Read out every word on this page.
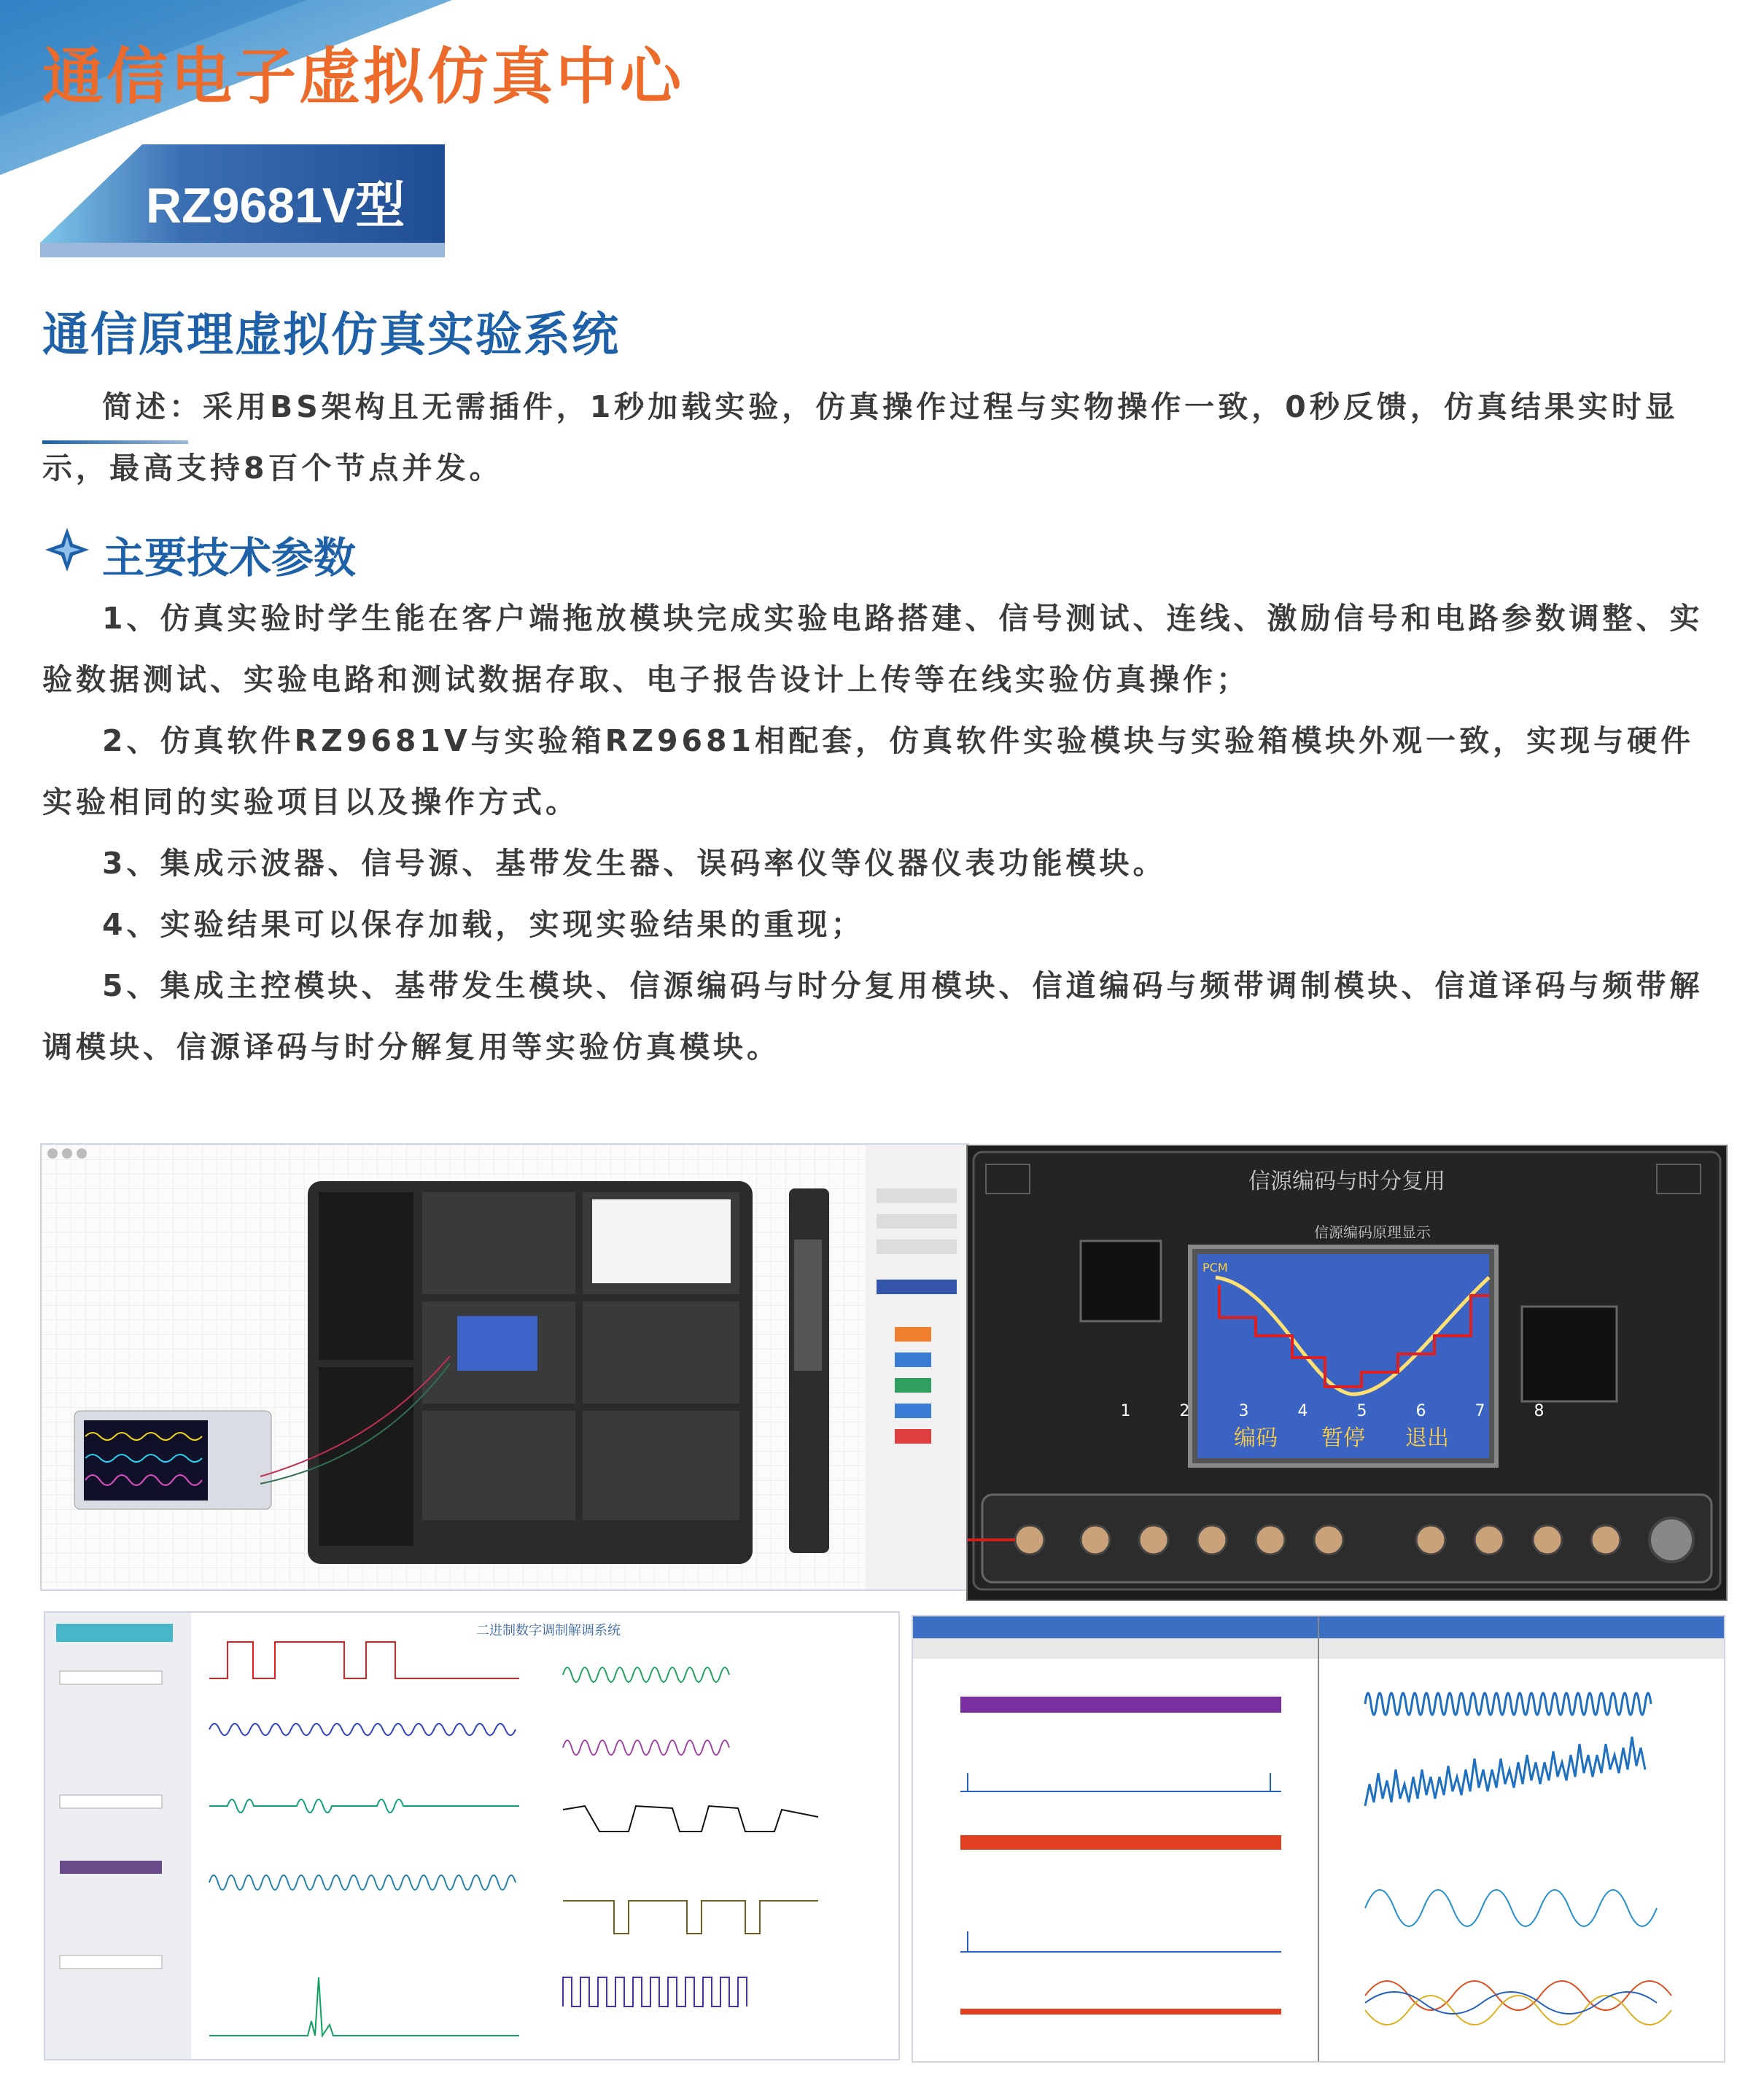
通信电子虚拟仿真中心
RZ9681V型
通信原理虚拟仿真实验系统
简述：采用BS架构且无需插件，1秒加载实验，仿真操作过程与实物操作一致，0秒反馈，仿真结果实时显示，最高支持8百个节点并发。
主要技术参数
1、仿真实验时学生能在客户端拖放模块完成实验电路搭建、信号测试、连线、激励信号和电路参数调整、实验数据测试、实验电路和测试数据存取、电子报告设计上传等在线实验仿真操作；
2、仿真软件RZ9681V与实验箱RZ9681相配套，仿真软件实验模块与实验箱模块外观一致，实现与硬件实验相同的实验项目以及操作方式。
3、集成示波器、信号源、基带发生器、误码率仪等仪器仪表功能模块。
4、实验结果可以保存加载，实现实验结果的重现；
5、集成主控模块、基带发生模块、信源编码与时分复用模块、信道编码与频带调制模块、信道译码与频带解调模块、信源译码与时分解复用等实验仿真模块。
信源编码与时分复用
信源编码原理显示
PCM
1 2 3 4 5 6 7 8
编码 暂停 退出
二进制数字调制解调系统
